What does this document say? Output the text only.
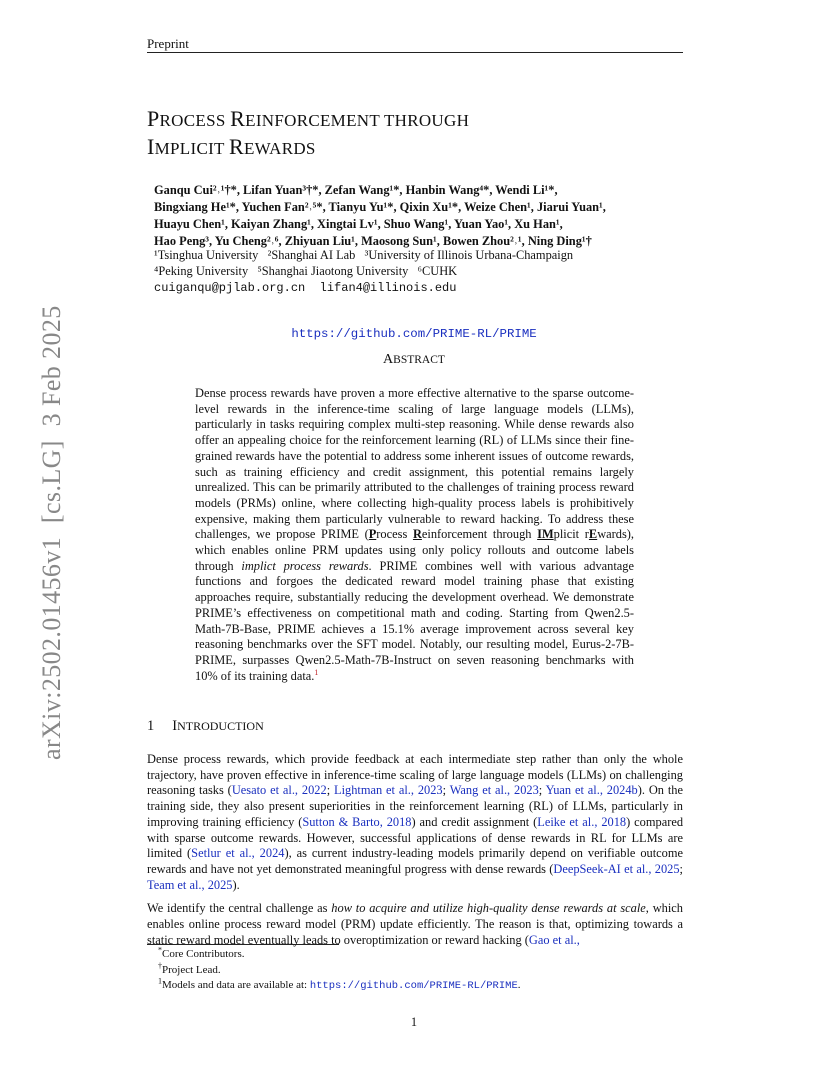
Preprint
PROCESS REINFORCEMENT THROUGH
IMPLICIT REWARDS
Ganqu Cui²˒¹†*, Lifan Yuan³†*, Zefan Wang¹*, Hanbin Wang⁴*, Wendi Li¹*,
Bingxiang He¹*, Yuchen Fan²˒⁵*, Tianyu Yu¹*, Qixin Xu¹*, Weize Chen¹, Jiarui Yuan¹,
Huayu Chen¹, Kaiyan Zhang¹, Xingtai Lv¹, Shuo Wang¹, Yuan Yao¹, Xu Han¹,
Hao Peng³, Yu Cheng²˒⁶, Zhiyuan Liu¹, Maosong Sun¹, Bowen Zhou²˒¹, Ning Ding¹†
¹Tsinghua University   ²Shanghai AI Lab   ³University of Illinois Urbana-Champaign
⁴Peking University   ⁵Shanghai Jiaotong University   ⁶CUHK
cuiganqu@pjlab.org.cn lifan4@illinois.edu
https://github.com/PRIME-RL/PRIME
ABSTRACT

Dense process rewards have proven a more effective alternative to the sparse outcome-level rewards in the inference-time scaling of large language models (LLMs), particularly in tasks requiring complex multi-step reasoning. While dense rewards also offer an appealing choice for the reinforcement learning (RL) of LLMs since their fine-grained rewards have the potential to address some inherent issues of outcome rewards, such as training efficiency and credit assignment, this potential remains largely unrealized. This can be primarily attributed to the challenges of training process reward models (PRMs) online, where collecting high-quality process labels is prohibitively expensive, making them particularly vulnerable to reward hacking. To address these challenges, we propose PRIME (Process Reinforcement through IMplicit rEwards), which enables online PRM updates using only policy rollouts and outcome labels through implict process rewards. PRIME combines well with various advantage functions and forgoes the dedicated reward model training phase that existing approaches require, substantially reducing the development overhead. We demonstrate PRIME’s effectiveness on competitional math and coding. Starting from Qwen2.5-Math-7B-Base, PRIME achieves a 15.1% average improvement across several key reasoning benchmarks over the SFT model. Notably, our resulting model, Eurus-2-7B-PRIME, surpasses Qwen2.5-Math-7B-Instruct on seven reasoning benchmarks with 10% of its training data.$^1$

1 INTRODUCTION

Dense process rewards, which provide feedback at each intermediate step rather than only the whole trajectory, have proven effective in inference-time scaling of large language models (LLMs) on challenging reasoning tasks (Uesato et al., 2022; Lightman et al., 2023; Wang et al., 2023; Yuan et al., 2024b). On the training side, they also present superiorities in the reinforcement learning (RL) of LLMs, particularly in improving training efficiency (Sutton & Barto, 2018) and credit assignment (Leike et al., 2018) compared with sparse outcome rewards. However, successful applications of dense rewards in RL for LLMs are limited (Setlur et al., 2024), as current industry-leading models primarily depend on verifiable outcome rewards and have not yet demonstrated meaningful progress with dense rewards (DeepSeek-AI et al., 2025; Team et al., 2025).

We identify the central challenge as how to acquire and utilize high-quality dense rewards at scale, which enables online process reward model (PRM) update efficiently. The reason is that, optimizing towards a static reward model eventually leads to overoptimization or reward hacking (Gao et al.,

*Core Contributors.
†Project Lead.
$^1$Models and data are available at: https://github.com/PRIME-RL/PRIME.
1
arXiv:2502.01456v1  [cs.LG]  3 Feb 2025
